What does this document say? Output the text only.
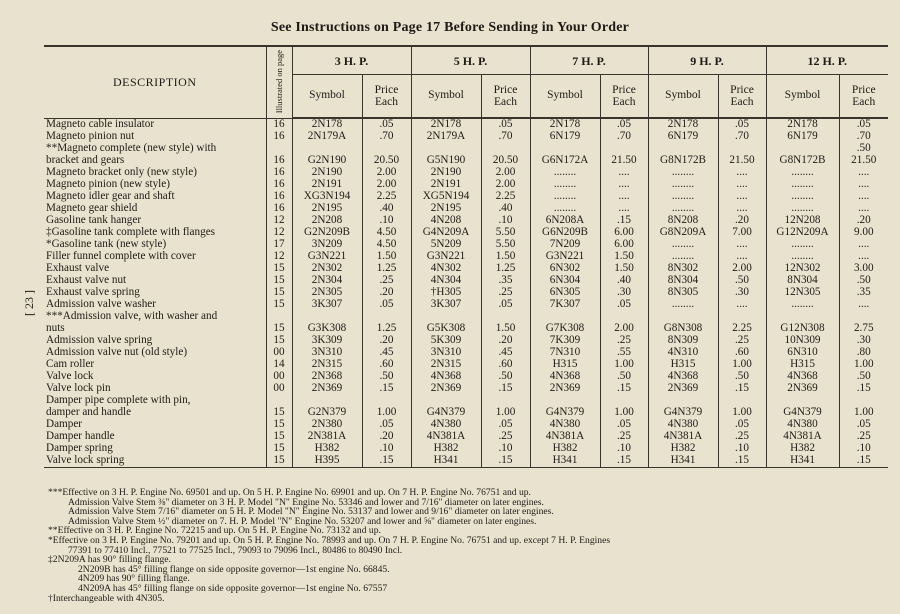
See Instructions on Page 17 Before Sending in Your Order
[ 23 ]
DESCRIPTION	Illustrated on page	3 H. P.		5 H. P.		7 H. P.		9 H. P.		12 H. P.	
		Symbol	Price Each	Symbol	Price Each	Symbol	Price Each	Symbol	Price Each	Symbol	Price Each
Magneto cable insulator	16	2N178	.05	2N178	.05	2N178	.05	2N178	.05	2N178	.05
Magneto pinion nut	16	2N179A	.70	2N179A	.70	6N179	.70	6N179	.70	6N179	.70
**Magneto complete (new style) with											.50
bracket and gears	16	G2N190	20.50	G5N190	20.50	G6N172A	21.50	G8N172B	21.50	G8N172B	21.50
Magneto bracket only (new style)	16	2N190	2.00	2N190	2.00	........	....	........	....	........	....
Magneto pinion (new style)	16	2N191	2.00	2N191	2.00	........	....	........	....	........	....
Magneto idler gear and shaft	16	XG3N194	2.25	XG5N194	2.25	........	....	........	....	........	....
Magneto gear shield	16	2N195	.40	2N195	.40	........	....	........	....	........	....
Gasoline tank hanger	12	2N208	.10	4N208	.10	6N208A	.15	8N208	.20	12N208	.20
‡Gasoline tank complete with flanges	12	G2N209B	4.50	G4N209A	5.50	G6N209B	6.00	G8N209A	7.00	G12N209A	9.00
*Gasoline tank (new style)	17	3N209	4.50	5N209	5.50	7N209	6.00	........	....	........	....
Filler funnel complete with cover	12	G3N221	1.50	G3N221	1.50	G3N221	1.50	........	....	........	....
Exhaust valve	15	2N302	1.25	4N302	1.25	6N302	1.50	8N302	2.00	12N302	3.00
Exhaust valve nut	15	2N304	.25	4N304	.35	6N304	.40	8N304	.50	8N304	.50
Exhaust valve spring	15	2N305	.20	†H305	.25	6N305	.30	8N305	.30	12N305	.35
Admission valve washer	15	3K307	.05	3K307	.05	7K307	.05	........	....	........	....
***Admission valve, with washer and											
nuts	15	G3K308	1.25	G5K308	1.50	G7K308	2.00	G8N308	2.25	G12N308	2.75
Admission valve spring	15	3K309	.20	5K309	.20	7K309	.25	8N309	.25	10N309	.30
Admission valve nut (old style)	00	3N310	.45	3N310	.45	7N310	.55	4N310	.60	6N310	.80
Cam roller	14	2N315	.60	2N315	.60	H315	1.00	H315	1.00	H315	1.00
Valve lock	00	2N368	.50	4N368	.50	4N368	.50	4N368	.50	4N368	.50
Valve lock pin	00	2N369	.15	2N369	.15	2N369	.15	2N369	.15	2N369	.15
Damper pipe complete with pin,											
damper and handle	15	G2N379	1.00	G4N379	1.00	G4N379	1.00	G4N379	1.00	G4N379	1.00
Damper	15	2N380	.05	4N380	.05	4N380	.05	4N380	.05	4N380	.05
Damper handle	15	2N381A	.20	4N381A	.25	4N381A	.25	4N381A	.25	4N381A	.25
Damper spring	15	H382	.10	H382	.10	H382	.10	H382	.10	H382	.10
Valve lock spring	15	H395	.15	H341	.15	H341	.15	H341	.15	H341	.15
***Effective on 3 H. P. Engine No. 69501 and up. On 5 H. P. Engine No. 69901 and up. On 7 H. P. Engine No. 76751 and up.
Admission Valve Stem ⅜" diameter on 3 H. P. Model "N" Engine No. 53346 and lower and 7/16" diameter on later engines.
Admission Valve Stem 7/16" diameter on 5 H. P. Model "N" Engine No. 53137 and lower and 9/16" diameter on later engines.
Admission Valve Stem ½" diameter on 7. H. P. Model "N" Engine No. 53207 and lower and ⅝" diameter on later engines.
**Effective on 3 H. P. Engine No. 72215 and up. On 5 H. P. Engine No. 73132 and up.
*Effective on 3 H. P. Engine No. 79201 and up. On 5 H. P. Engine No. 78993 and up. On 7 H. P. Engine No. 76751 and up. except 7 H. P. Engines
77391 to 77410 Incl., 77521 to 77525 Incl., 79093 to 79096 Incl., 80486 to 80490 Incl.
‡2N209A has 90° filling flange.
2N209B has 45° filling flange on side opposite governor—1st engine No. 66845.
4N209 has 90° filling flange.
4N209A has 45° filling flange on side opposite governor—1st engine No. 67557
†Interchangeable with 4N305.
